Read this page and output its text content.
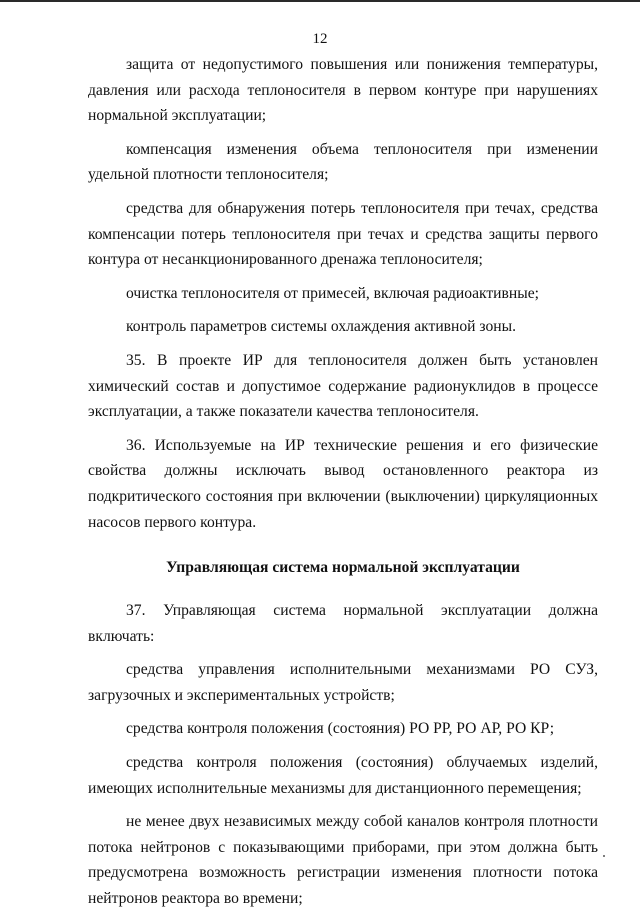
12

защита от недопустимого повышения или понижения температуры, давления или расхода теплоносителя в первом контуре при нарушениях нормальной эксплуатации;

компенсация изменения объема теплоносителя при изменении удельной плотности теплоносителя;

средства для обнаружения потерь теплоносителя при течах, средства компенсации потерь теплоносителя при течах и средства защиты первого контура от несанкционированного дренажа теплоносителя;

очистка теплоносителя от примесей, включая радиоактивные;

контроль параметров системы охлаждения активной зоны.

35. В проекте ИР для теплоносителя должен быть установлен химический состав и допустимое содержание радионуклидов в процессе эксплуатации, а также показатели качества теплоносителя.

36. Используемые на ИР технические решения и его физические свойства должны исключать вывод остановленного реактора из подкритического состояния при включении (выключении) циркуляционных насосов первого контура.

Управляющая система нормальной эксплуатации

37. Управляющая система нормальной эксплуатации должна включать:

средства управления исполнительными механизмами РО СУЗ, загрузочных и экспериментальных устройств;

средства контроля положения (состояния) РО РР, РО АР, РО КР;

средства контроля положения (состояния) облучаемых изделий, имеющих исполнительные механизмы для дистанционного перемещения;

не менее двух независимых между собой каналов контроля плотности потока нейтронов с показывающими приборами, при этом должна быть предусмотрена возможность регистрации изменения плотности потока нейтронов реактора во времени;
